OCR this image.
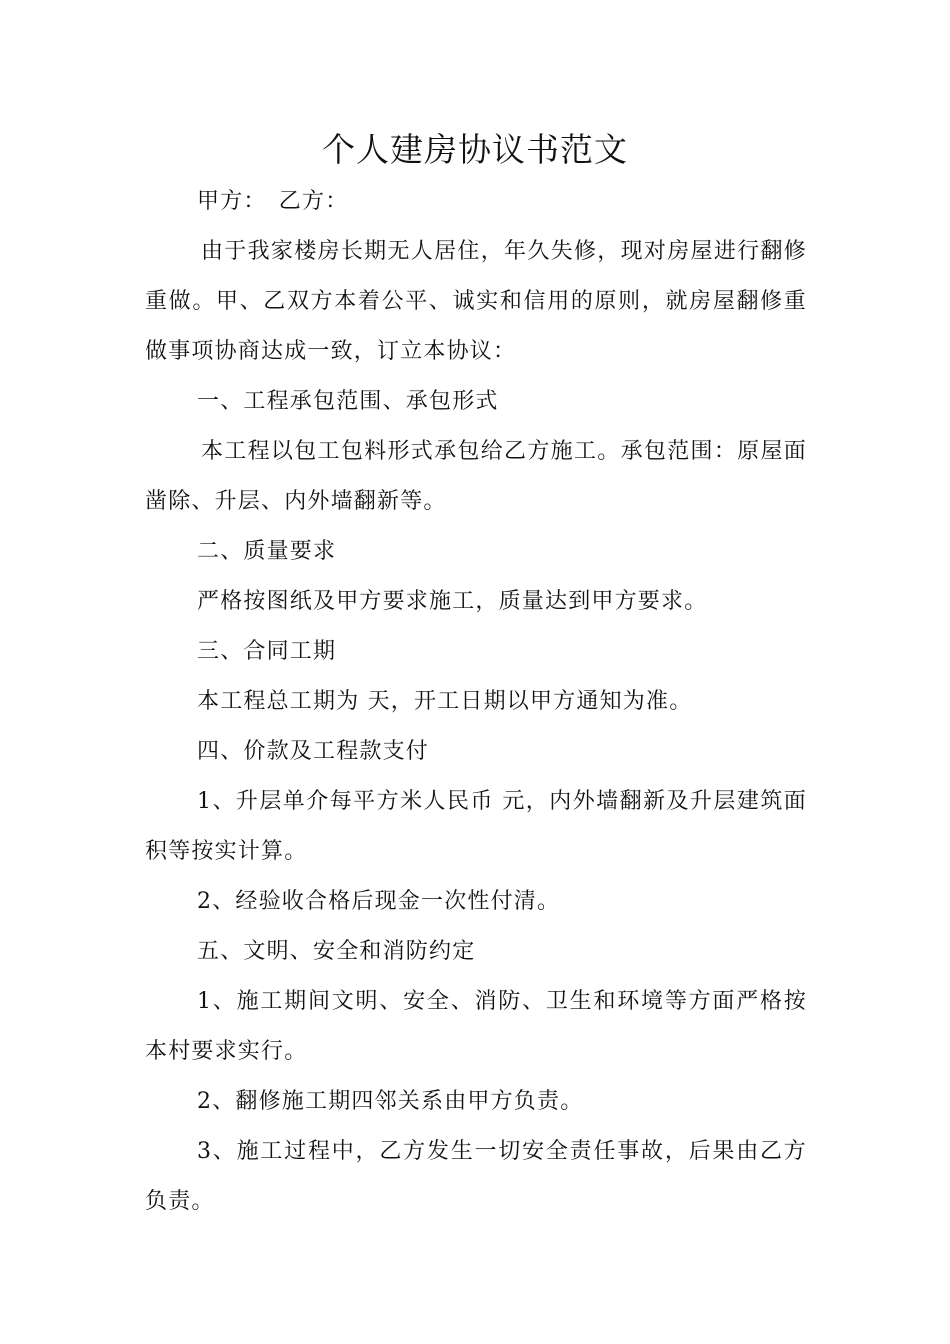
个人建房协议书范文

甲方：　乙方：

由于我家楼房长期无人居住，年久失修，现对房屋进行翻修重做。甲、乙双方本着公平、诚实和信用的原则，就房屋翻修重做事项协商达成一致，订立本协议：

一、工程承包范围、承包形式

本工程以包工包料形式承包给乙方施工。承包范围：原屋面凿除、升层、内外墙翻新等。

二、质量要求

严格按图纸及甲方要求施工，质量达到甲方要求。

三、合同工期

本工程总工期为 天，开工日期以甲方通知为准。

四、价款及工程款支付

1、升层单介每平方米人民币 元，内外墙翻新及升层建筑面积等按实计算。

2、经验收合格后现金一次性付清。

五、文明、安全和消防约定

1、施工期间文明、安全、消防、卫生和环境等方面严格按本村要求实行。

2、翻修施工期四邻关系由甲方负责。

3、施工过程中，乙方发生一切安全责任事故，后果由乙方负责。
